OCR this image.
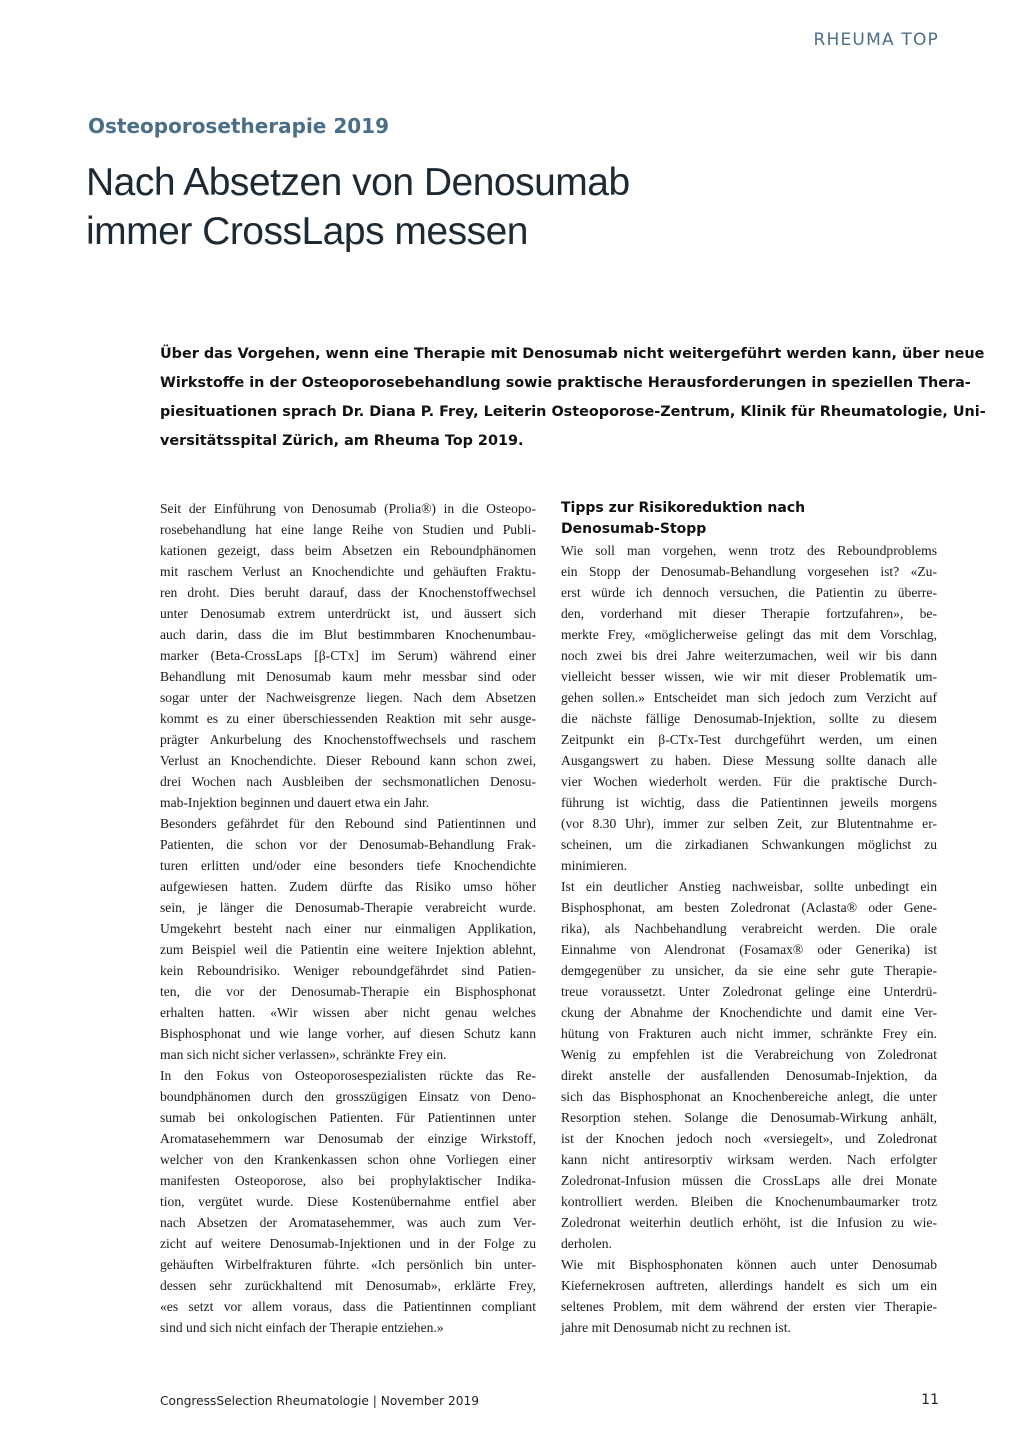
RHEUMA TOP
Osteoporosetherapie 2019
Nach Absetzen von Denosumab
immer CrossLaps messen
Über das Vorgehen, wenn eine Therapie mit Denosumab nicht weitergeführt werden kann, über neue
Wirkstoffe in der Osteoporosebehandlung sowie praktische Herausforderungen in speziellen Thera-
piesituationen sprach Dr. Diana P. Frey, Leiterin Osteoporose-Zentrum, Klinik für Rheumatologie, Uni-
versitätsspital Zürich, am Rheuma Top 2019.
Seit der Einführung von Denosumab (Prolia®) in die Osteopo-
rosebehandlung hat eine lange Reihe von Studien und Publi-
kationen gezeigt, dass beim Absetzen ein Reboundphänomen
mit raschem Verlust an Knochendichte und gehäuften Fraktu-
ren droht. Dies beruht darauf, dass der Knochenstoffwechsel
unter Denosumab extrem unterdrückt ist, und äussert sich
auch darin, dass die im Blut bestimmbaren Knochenumbau-
marker (Beta-CrossLaps [β-CTx] im Serum) während einer
Behandlung mit Denosumab kaum mehr messbar sind oder
sogar unter der Nachweisgrenze liegen. Nach dem Absetzen
kommt es zu einer überschiessenden Reaktion mit sehr ausge-
prägter Ankurbelung des Knochenstoffwechsels und raschem
Verlust an Knochendichte. Dieser Rebound kann schon zwei,
drei Wochen nach Ausbleiben der sechsmonatlichen Denosu-
mab-Injektion beginnen und dauert etwa ein Jahr.
Besonders gefährdet für den Rebound sind Patientinnen und
Patienten, die schon vor der Denosumab-Behandlung Frak-
turen erlitten und/oder eine besonders tiefe Knochendichte
aufgewiesen hatten. Zudem dürfte das Risiko umso höher
sein, je länger die Denosumab-Therapie verabreicht wurde.
Umgekehrt besteht nach einer nur einmaligen Applikation,
zum Beispiel weil die Patientin eine weitere Injektion ablehnt,
kein Reboundrisiko. Weniger reboundgefährdet sind Patien-
ten, die vor der Denosumab-Therapie ein Bisphosphonat
erhalten hatten. «Wir wissen aber nicht genau welches
Bisphosphonat und wie lange vorher, auf diesen Schutz kann
man sich nicht sicher verlassen», schränkte Frey ein.
In den Fokus von Osteoporosespezialisten rückte das Re-
boundphänomen durch den grosszügigen Einsatz von Deno-
sumab bei onkologischen Patienten. Für Patientinnen unter
Aromatasehemmern war Denosumab der einzige Wirkstoff,
welcher von den Krankenkassen schon ohne Vorliegen einer
manifesten Osteoporose, also bei prophylaktischer Indika-
tion, vergütet wurde. Diese Kostenübernahme entfiel aber
nach Absetzen der Aromatasehemmer, was auch zum Ver-
zicht auf weitere Denosumab-Injektionen und in der Folge zu
gehäuften Wirbelfrakturen führte. «Ich persönlich bin unter-
dessen sehr zurückhaltend mit Denosumab», erklärte Frey,
«es setzt vor allem voraus, dass die Patientinnen compliant
sind und sich nicht einfach der Therapie entziehen.»
Tipps zur Risikoreduktion nach
Denosumab-Stopp
Wie soll man vorgehen, wenn trotz des Reboundproblems
ein Stopp der Denosumab-Behandlung vorgesehen ist? «Zu-
erst würde ich dennoch versuchen, die Patientin zu überre-
den, vorderhand mit dieser Therapie fortzufahren», be-
merkte Frey, «möglicherweise gelingt das mit dem Vorschlag,
noch zwei bis drei Jahre weiterzumachen, weil wir bis dann
vielleicht besser wissen, wie wir mit dieser Problematik um-
gehen sollen.» Entscheidet man sich jedoch zum Verzicht auf
die nächste fällige Denosumab-Injektion, sollte zu diesem
Zeitpunkt ein β-CTx-Test durchgeführt werden, um einen
Ausgangswert zu haben. Diese Messung sollte danach alle
vier Wochen wiederholt werden. Für die praktische Durch-
führung ist wichtig, dass die Patientinnen jeweils morgens
(vor 8.30 Uhr), immer zur selben Zeit, zur Blutentnahme er-
scheinen, um die zirkadianen Schwankungen möglichst zu
minimieren.
Ist ein deutlicher Anstieg nachweisbar, sollte unbedingt ein
Bisphosphonat, am besten Zoledronat (Aclasta® oder Gene-
rika), als Nachbehandlung verabreicht werden. Die orale
Einnahme von Alendronat (Fosamax® oder Generika) ist
demgegenüber zu unsicher, da sie eine sehr gute Therapie-
treue voraussetzt. Unter Zoledronat gelinge eine Unterdrü-
ckung der Abnahme der Knochendichte und damit eine Ver-
hütung von Frakturen auch nicht immer, schränkte Frey ein.
Wenig zu empfehlen ist die Verabreichung von Zoledronat
direkt anstelle der ausfallenden Denosumab-Injektion, da
sich das Bisphosphonat an Knochenbereiche anlegt, die unter
Resorption stehen. Solange die Denosumab-Wirkung anhält,
ist der Knochen jedoch noch «versiegelt», und Zoledronat
kann nicht antiresorptiv wirksam werden. Nach erfolgter
Zoledronat-Infusion müssen die CrossLaps alle drei Monate
kontrolliert werden. Bleiben die Knochenumbaumarker trotz
Zoledronat weiterhin deutlich erhöht, ist die Infusion zu wie-
derholen.
Wie mit Bisphosphonaten können auch unter Denosumab
Kiefernekrosen auftreten, allerdings handelt es sich um ein
seltenes Problem, mit dem während der ersten vier Therapie-
jahre mit Denosumab nicht zu rechnen ist.
CongressSelection Rheumatologie | November 2019	11
